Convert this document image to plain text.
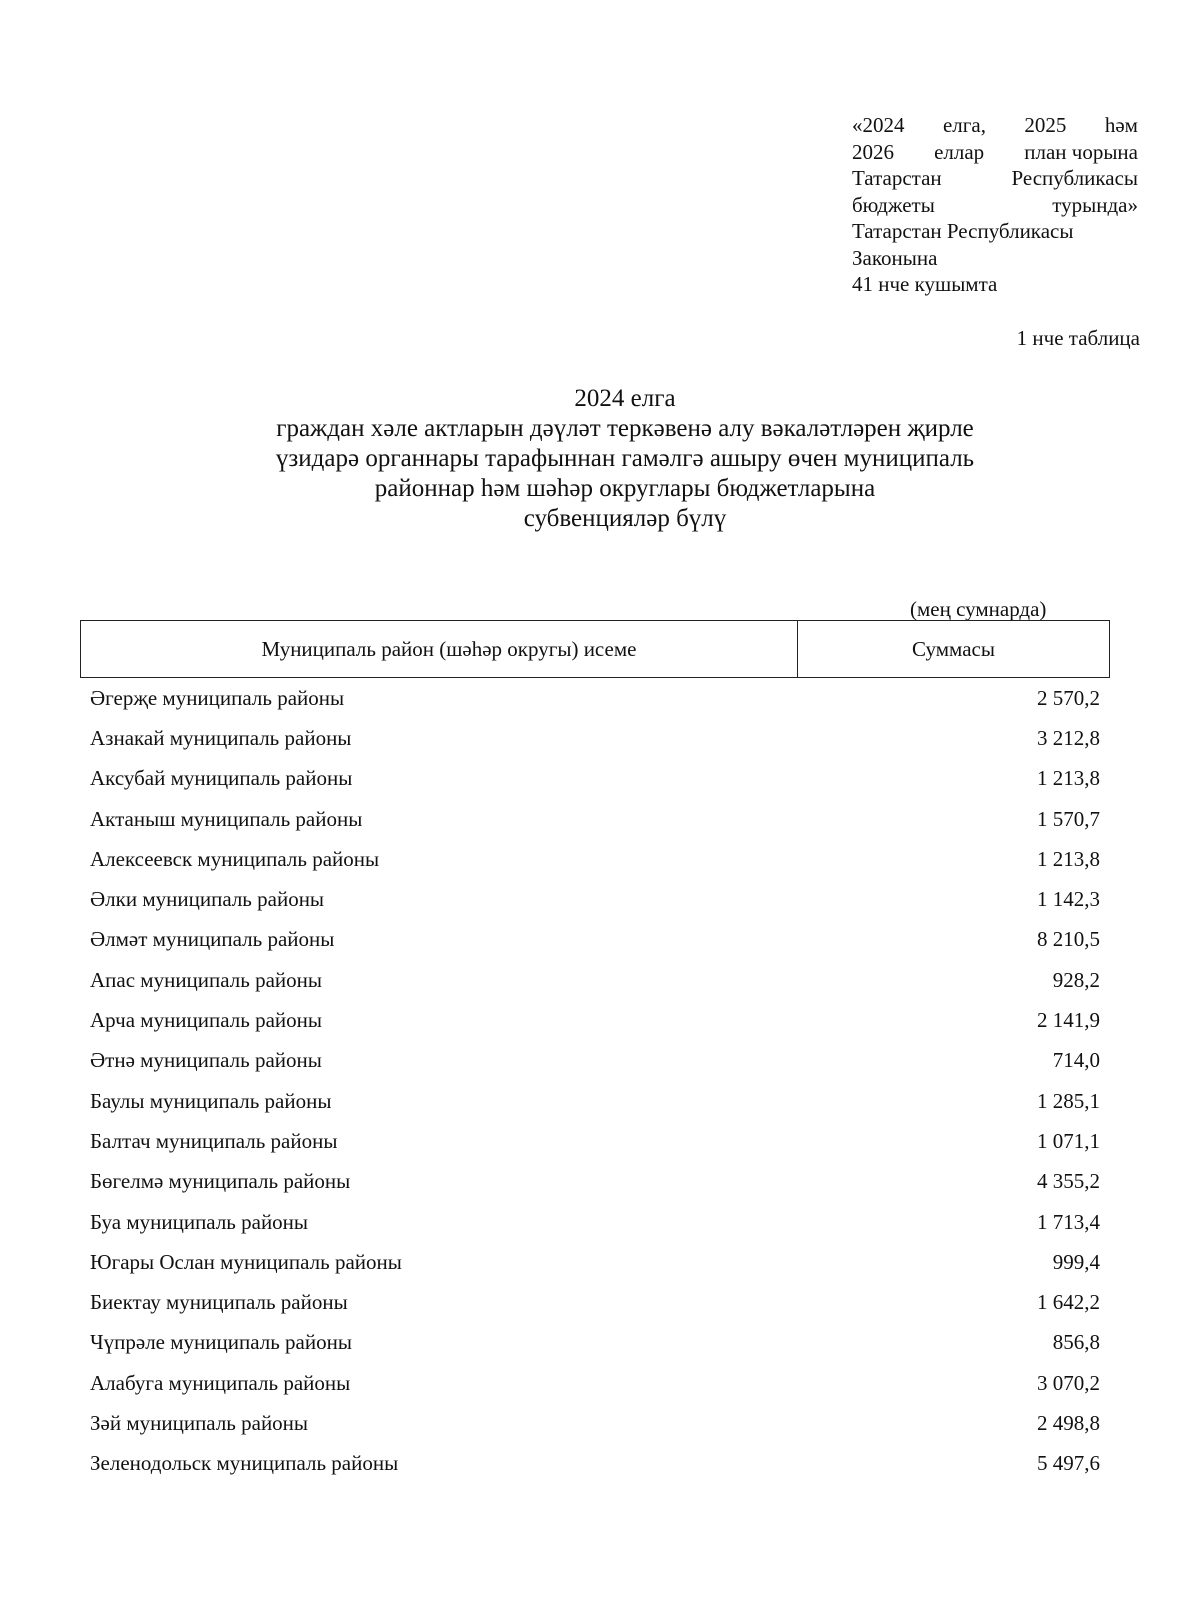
«2024 елга, 2025 һәм
2026 еллар план чорына
Татарстан	Республикасы
бюджеты	турында»
Татарстан Республикасы
Законына
41 нче кушымта
1 нче таблица
2024 елга
граждан хәле актларын дәүләт теркәвенә алу вәкаләтләрен җирле
үзидарә органнары тарафыннан гамәлгә ашыру өчен муниципаль
районнар һәм шәһәр округлары бюджетларына
субвенцияләр бүлү
(мең сумнарда)
Муниципаль район (шәһәр округы) исеме	Суммасы
Әгерҗе муниципаль районы	2 570,2
Азнакай муниципаль районы	3 212,8
Аксубай муниципаль районы	1 213,8
Актаныш муниципаль районы	1 570,7
Алексеевск муниципаль районы	1 213,8
Әлки муниципаль районы	1 142,3
Әлмәт муниципаль районы	8 210,5
Апас муниципаль районы	928,2
Арча муниципаль районы	2 141,9
Әтнә муниципаль районы	714,0
Баулы муниципаль районы	1 285,1
Балтач муниципаль районы	1 071,1
Бөгелмә муниципаль районы	4 355,2
Буа муниципаль районы	1 713,4
Югары Ослан муниципаль районы	999,4
Биектау муниципаль районы	1 642,2
Чүпрәле муниципаль районы	856,8
Алабуга муниципаль районы	3 070,2
Зәй муниципаль районы	2 498,8
Зеленодольск муниципаль районы	5 497,6
